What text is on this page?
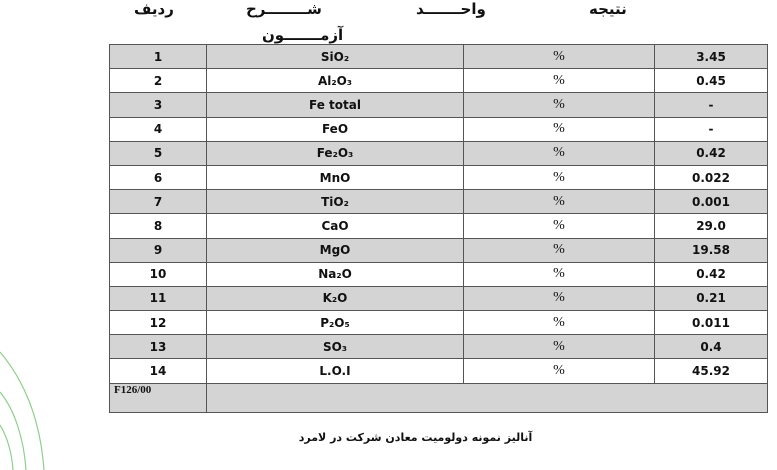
ردیف	شــــــــرح
آزمـــــــون
واحـــــــد	نتیجه
1	SiO₂	%	3.45
2	Al₂O₃	%	0.45
3	Fe total	%	-
4	FeO	%	-
5	Fe₂O₃	%	0.42
6	MnO	%	0.022
7	TiO₂	%	0.001
8	CaO	%	29.0
9	MgO	%	19.58
10	Na₂O	%	0.42
11	K₂O	%	0.21
12	P₂O₅	%	0.011
13	SO₃	%	0.4
14	L.O.I	%	45.92
F126/00			
آنالیز نمونه دولومیت معادن شرکت در لامرد
